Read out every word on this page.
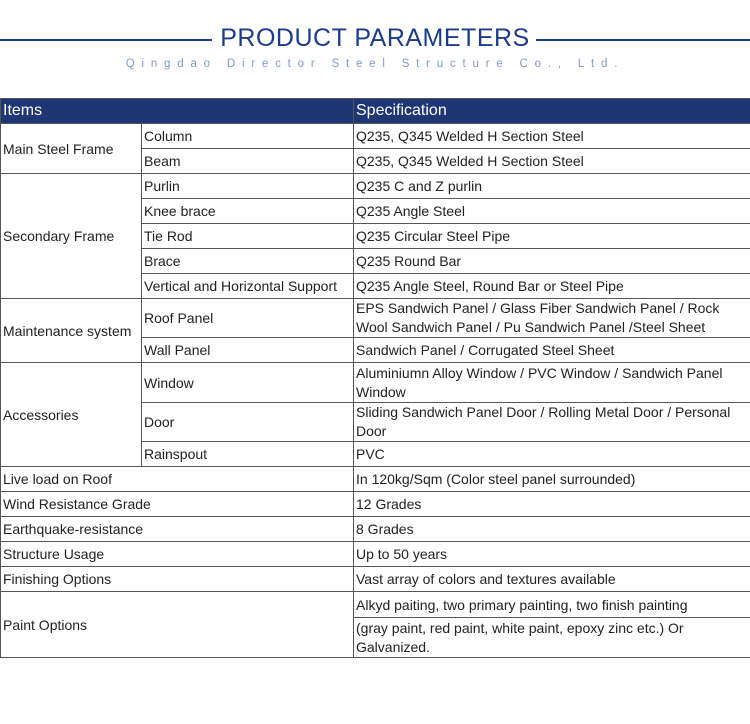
PRODUCT PARAMETERS
Qingdao Director Steel Structure Co., Ltd.
Items		Specification
Main Steel Frame	Column	Q235, Q345 Welded H Section Steel
	Beam	Q235, Q345 Welded H Section Steel
Secondary Frame	Purlin	Q235 C and Z purlin
	Knee brace	Q235 Angle Steel
	Tie Rod	Q235 Circular Steel Pipe
	Brace	Q235 Round Bar
	Vertical and Horizontal Support	Q235 Angle Steel, Round Bar or Steel Pipe
Maintenance system	Roof Panel	EPS Sandwich Panel / Glass Fiber Sandwich Panel / Rock Wool Sandwich Panel / Pu Sandwich Panel /Steel Sheet
	Wall Panel	Sandwich Panel / Corrugated Steel Sheet
Accessories	Window	Aluminiumn Alloy Window / PVC Window / Sandwich Panel Window
	Door	Sliding Sandwich Panel Door / Rolling Metal Door / Personal Door
	Rainspout	PVC
Live load on Roof		In 120kg/Sqm (Color steel panel surrounded)
Wind Resistance Grade		12 Grades
Earthquake-resistance		8 Grades
Structure Usage		Up to 50 years
Finishing Options		Vast array of colors and textures available
Paint Options		Alkyd paiting, two primary painting, two finish painting
		(gray paint, red paint, white paint, epoxy zinc etc.) Or Galvanized.
